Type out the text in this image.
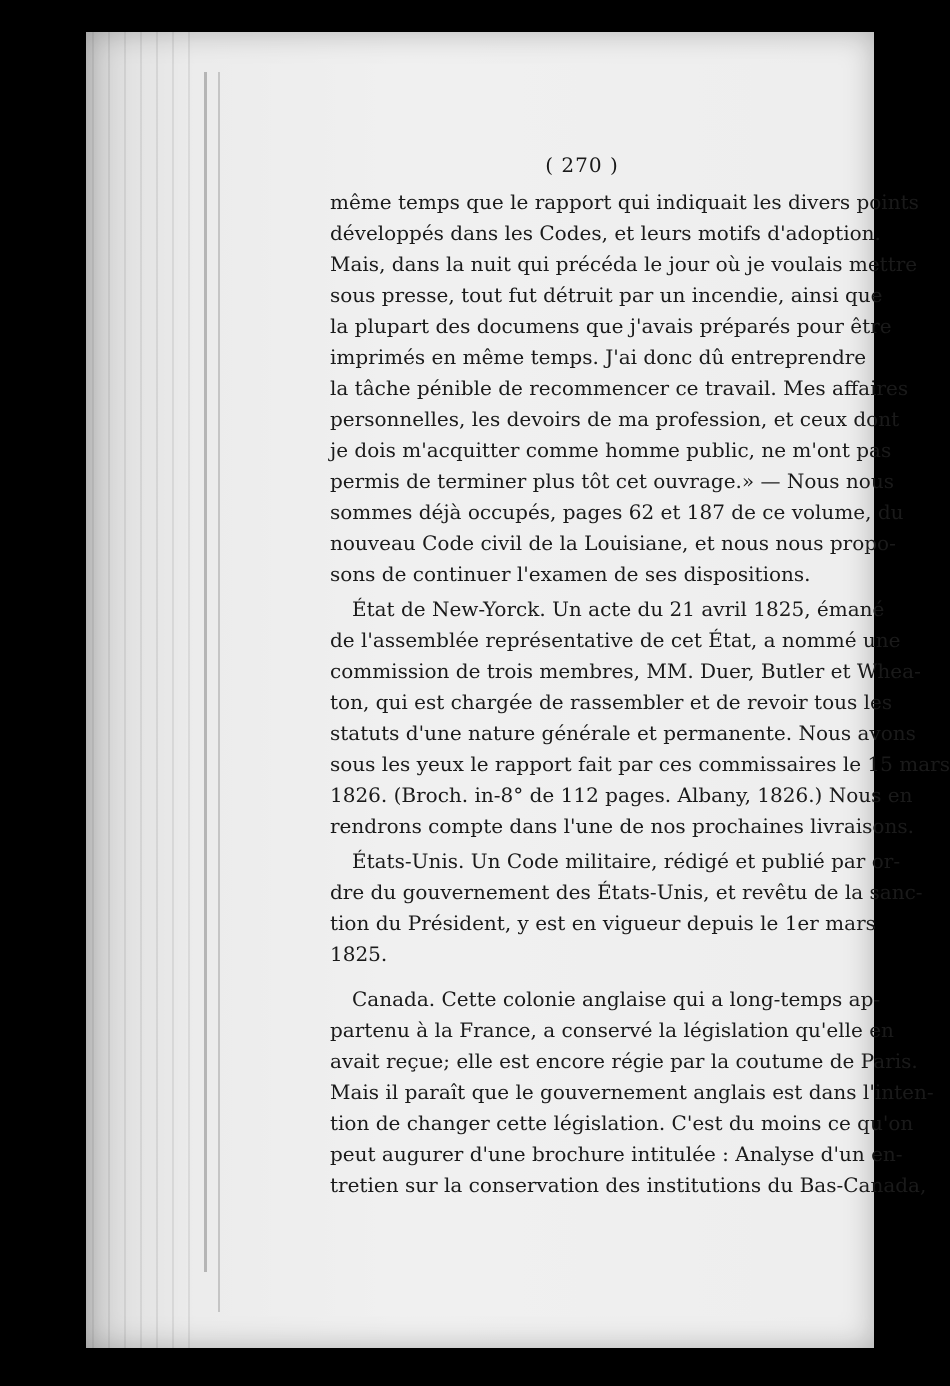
( 270 )
même temps que le rapport qui indiquait les divers points
développés dans les Codes, et leurs motifs d'adoption.
Mais, dans la nuit qui précéda le jour où je voulais mettre
sous presse, tout fut détruit par un incendie, ainsi que
la plupart des documens que j'avais préparés pour être
imprimés en même temps. J'ai donc dû entreprendre
la tâche pénible de recommencer ce travail. Mes affaires
personnelles, les devoirs de ma profession, et ceux dont
je dois m'acquitter comme homme public, ne m'ont pas
permis de terminer plus tôt cet ouvrage.» — Nous nous
sommes déjà occupés, pages 62 et 187 de ce volume, du
nouveau Code civil de la Louisiane, et nous nous propo-
sons de continuer l'examen de ses dispositions.
État de New-Yorck. Un acte du 21 avril 1825, émané
de l'assemblée représentative de cet État, a nommé une
commission de trois membres, MM. Duer, Butler et Whea-
ton, qui est chargée de rassembler et de revoir tous les
statuts d'une nature générale et permanente. Nous avons
sous les yeux le rapport fait par ces commissaires le 15 mars
1826. (Broch. in-8° de 112 pages. Albany, 1826.) Nous en
rendrons compte dans l'une de nos prochaines livraisons.
États-Unis. Un Code militaire, rédigé et publié par or-
dre du gouvernement des États-Unis, et revêtu de la sanc-
tion du Président, y est en vigueur depuis le 1er mars
1825.
Canada. Cette colonie anglaise qui a long-temps ap-
partenu à la France, a conservé la législation qu'elle en
avait reçue; elle est encore régie par la coutume de Paris.
Mais il paraît que le gouvernement anglais est dans l'inten-
tion de changer cette législation. C'est du moins ce qu'on
peut augurer d'une brochure intitulée : Analyse d'un en-
tretien sur la conservation des institutions du Bas-Canada,
